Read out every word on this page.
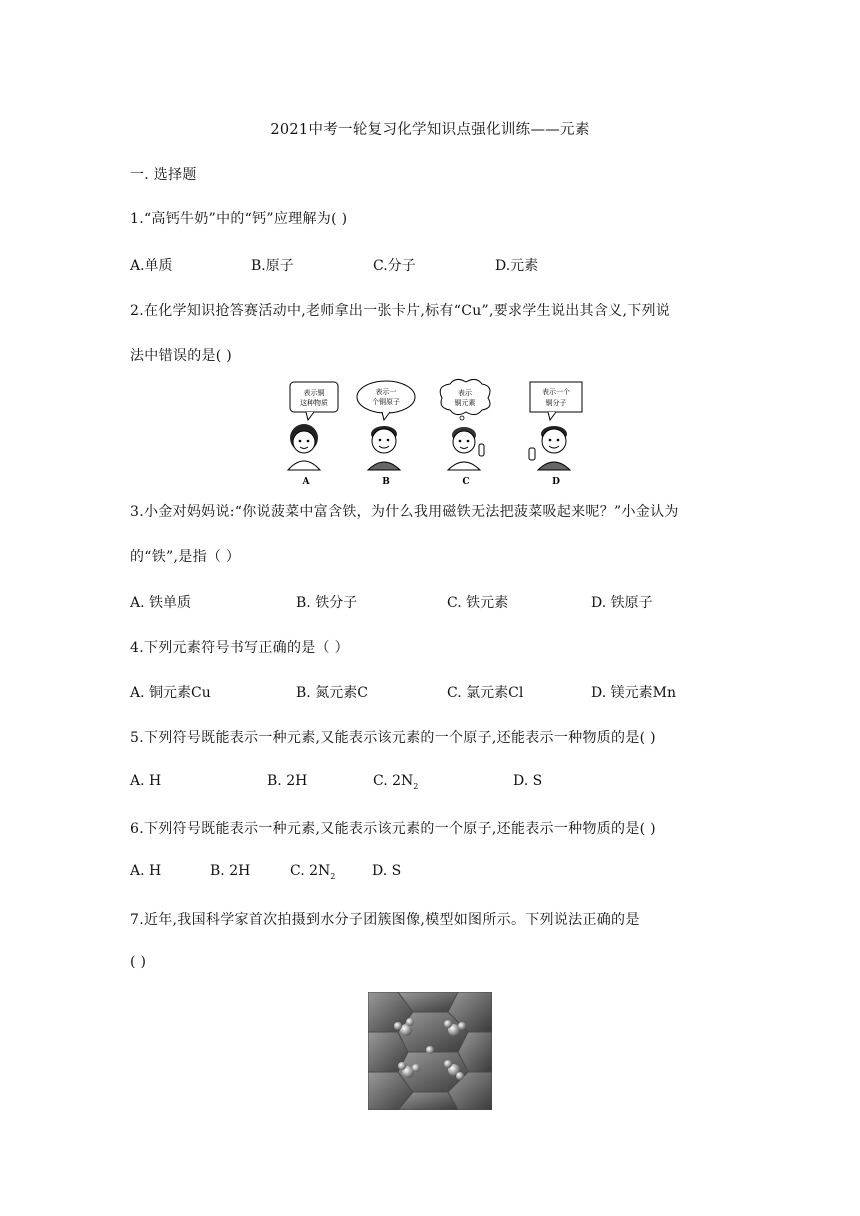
2021中考一轮复习化学知识点强化训练——元素
一. 选择题
1.“高钙牛奶”中的“钙”应理解为( )
A.单质	B.原子	C.分子	D.元素
2.在化学知识抢答赛活动中,老师拿出一张卡片,标有“Cu”,要求学生说出其含义,下列说
法中错误的是( )
表示铜
这种物质
表示一
个铜原子
表示
铜元素
表示一个
铜分子
A	B	C	D
3.小金对妈妈说:“你说菠菜中富含铁，为什么我用磁铁无法把菠菜吸起来呢？”小金认为
的“铁”,是指（ ）
A. 铁单质	B. 铁分子	C. 铁元素	D. 铁原子
4.下列元素符号书写正确的是（ ）
A. 铜元素Cu	B. 氮元素C	C. 氯元素Cl	D. 镁元素Mn
5.下列符号既能表示一种元素,又能表示该元素的一个原子,还能表示一种物质的是( )
A. H	B. 2H	C. $2N_2$	D. S
6.下列符号既能表示一种元素,又能表示该元素的一个原子,还能表示一种物质的是( )
A. H	B. 2H	C. $2N_2$	D. S
7.近年,我国科学家首次拍摄到水分子团簇图像,模型如图所示。下列说法正确的是
( )
